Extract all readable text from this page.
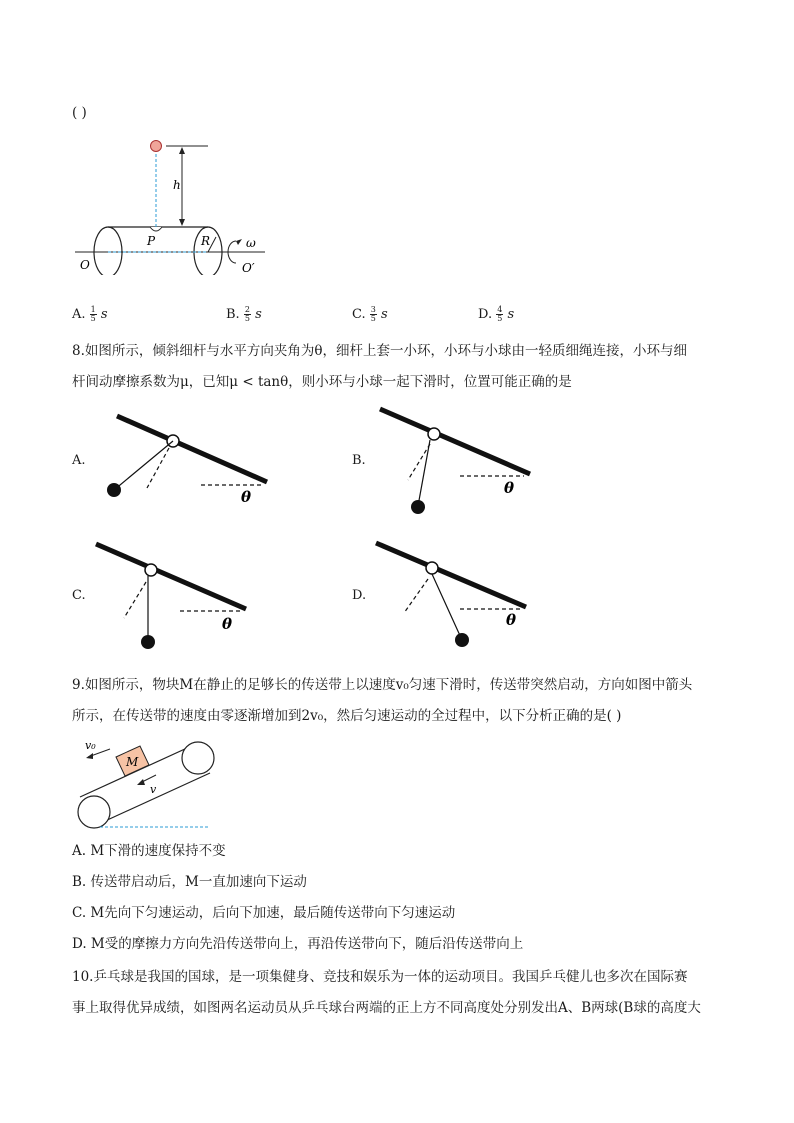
( )
h
P	R	ω
O	O′
A. $\frac{1}{5}$ s	B. $\frac{2}{5}$ s	C. $\frac{3}{5}$ s	D. $\frac{4}{5}$ s
8.如图所示，倾斜细杆与水平方向夹角为θ，细杆上套一小环，小环与小球由一轻质细绳连接，小环与细
杆间动摩擦系数为μ，已知μ < tanθ，则小环与小球一起下滑时，位置可能正确的是
A.
θ
B.
θ
C.
θ
D.
θ
9.如图所示，物块M在静止的足够长的传送带上以速度v₀匀速下滑时，传送带突然启动，方向如图中箭头
所示，在传送带的速度由零逐渐增加到2v₀，然后匀速运动的全过程中，以下分析正确的是( )
M
v₀
v
A. M下滑的速度保持不变
B. 传送带启动后，M一直加速向下运动
C. M先向下匀速运动，后向下加速，最后随传送带向下匀速运动
D. M受的摩擦力方向先沿传送带向上，再沿传送带向下，随后沿传送带向上
10.乒乓球是我国的国球，是一项集健身、竞技和娱乐为一体的运动项目。我国乒乓健儿也多次在国际赛
事上取得优异成绩，如图两名运动员从乒乓球台两端的正上方不同高度处分别发出A、B两球(B球的高度大
